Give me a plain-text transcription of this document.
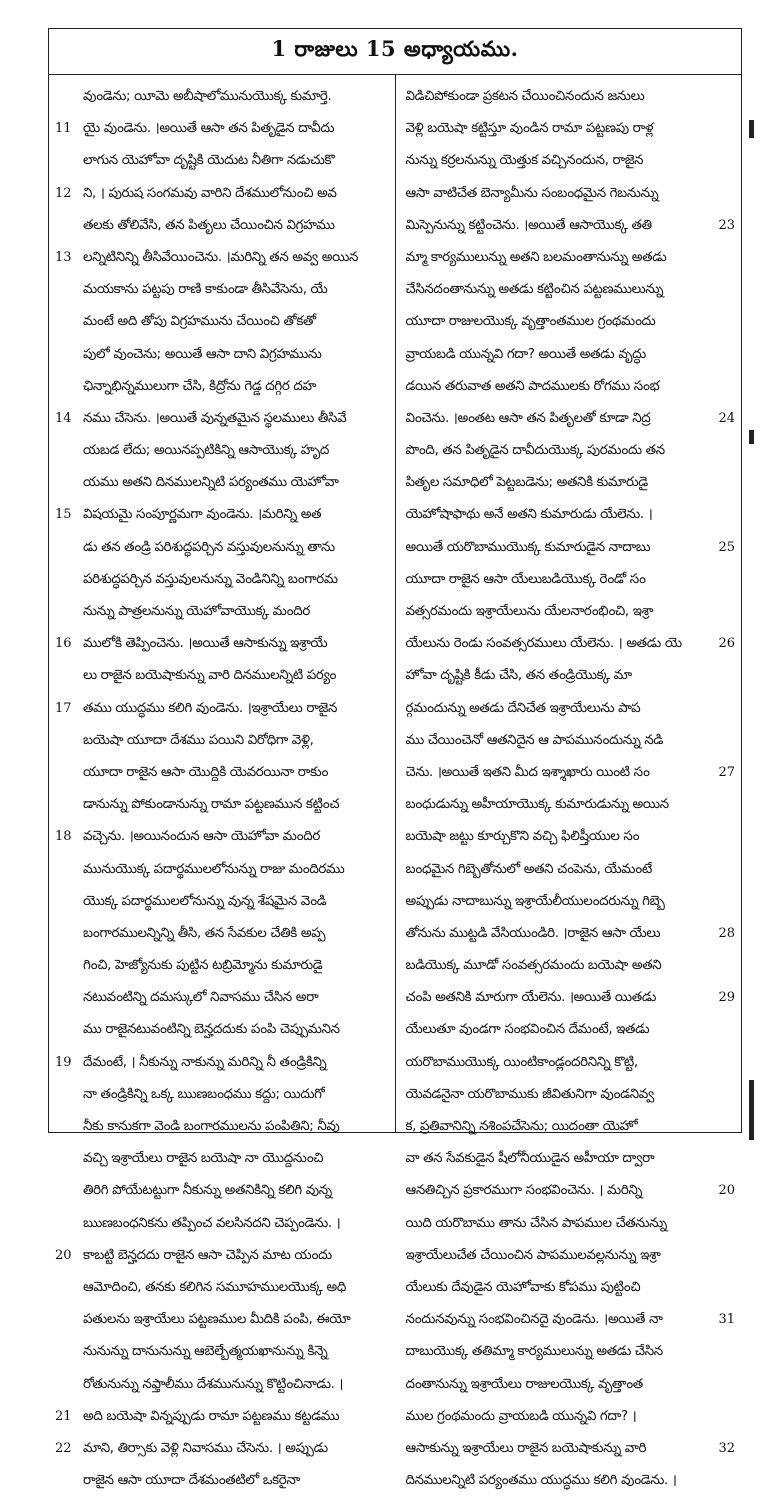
1 రాజులు 15 అధ్యాయము.
వుండెను; యీమె అబీషాలోమునుయొక్క కుమార్తె.
11 యై వుండెను. ।అయితే ఆసా తన పితృడైన దావీదు
లాగున యెహోవా దృష్టికి యెదుట నీతిగా నడుచుకొ
12 ని, । పురుష సంగమవు వారిని దేశములోనుంచి అవ
తలకు తోలివేసి, తన పితృలు చేయించిన విగ్రహము
13 లన్నిటినిన్ని తీసివేయించెను. ।మరిన్ని తన అవ్వ అయిన
మయకాను పట్టపు రాణి కాకుండా తీసివేసెను, యే
మంటే అది తోపు విగ్రహమును చేయించి తోకతో
పులో వుంచెను; అయితే ఆసా దాని విగ్రహమును
ఛిన్నాభిన్నములుగా చేసి, కిద్రోను గెడ్డ దగ్గిర దహ
14 నము చేసెను. ।అయితే వున్నతమైన స్థలములు తీసివే
యబడ లేదు; అయినప్పటికిన్ని ఆసాయొక్క హృద
యము అతని దినములన్నిటి పర్యంతము యెహోవా
15 విషయమై సంపూర్ణమగా వుండెను. ।మరిన్ని అత
డు తన తండ్రి పరిశుద్ధపర్చిన వస్తువులనున్ను తాను
పరిశుద్ధపర్చిన వస్తువులనున్ను వెండినిన్ని బంగారమ
నున్ను పాత్రలనున్ను యెహోవాయొక్క మందిర
16 ములోకి తెప్పించెను. ।అయితే ఆసాకున్ను ఇశ్రాయే
లు రాజైన బయెషాకున్ను వారి దినములన్నిటి పర్యం
17 తము యుద్ధము కలిగి వుండెను. ।ఇశ్రాయేలు రాజైన
బయెషా యూదా దేశము పయిని విరోధిగా వెళ్లి,
యూదా రాజైన ఆసా యొద్దికి యెవరయినా రాకుం
డానున్ను పోకుండానున్ను రామా పట్టణమున కట్టించ
18 వచ్చెను. ।అయినందున ఆసా యెహోవా మందిర
మునుయొక్క పదార్థములలోనున్ను రాజు మందిరము
యొక్క పదార్థములలోనున్ను వున్న శేషమైన వెండి
బంగారములన్నిన్ని తీసి, తన సేవకుల చేతికి అప్ప
గించి, హెజ్యోనుకు పుట్టిన టబ్రిమ్మోను కుమారుడై
నటువంటిన్ని దమస్కులో నివాసము చేసిన అరా
ము రాజైనటువంటిన్ని బెన్హదదుకు పంపి చెప్పుమనిన
19 దేమంటే, । నీకున్ను నాకున్ను మరిన్ని నీ తండ్రికిన్ని
నా తండ్రికిన్ని ఒక్క ఋణబంధము కద్దు; యిదుగో
నీకు కానుకగా వెండి బంగారములను పంపితిని; నీవు
వచ్చి ఇశ్రాయేలు రాజైన బయెషా నా యొద్దనుంచి
తిరిగి పోయేటట్టుగా నీకున్ను అతనికిన్ని కలిగి వున్న
ఋణబంధనికను తప్పించ వలసినదని చెప్పండెను. ।
20 కాబట్టి బెన్హదదు రాజైన ఆసా చెప్పిన మాట యందు
ఆమోదించి, తనకు కలిగిన సమూహములయొక్క అధి
పతులను ఇశ్రాయేలు పట్టణముల మీదికి పంపి, ఈయో
నునున్ను దానునున్ను ఆబెల్బేత్మయఖానున్ను కిన్నె
రోతునున్ను నఫ్తాలీము దేశమునున్ను కొట్టించినాడు. ।
21 అది బయెషా విన్నప్పుడు రామా పట్టణము కట్టడము
22 మాని, తిర్సాకు వెళ్లి నివాసము చేసెను. । అప్పుడు
రాజైన ఆసా యూదా దేశమంతటిలో ఒకరైనా
విడిచిపోకుండా ప్రకటన చేయించినందున జనులు
వెళ్లి బయెషా కట్టిస్తూ వుండిన రామా పట్టణపు రాళ్ల
నున్ను కర్రలనున్ను యెత్తుక వచ్చినందున, రాజైన
ఆసా వాటిచేత బెన్యామీను సంబంధమైన గెబనున్ను
23
మిస్పెనున్ను కట్టించెను. ।అయితే ఆసాయొక్క తతి
మ్మా కార్యములున్ను అతని బలమంతానున్ను అతడు
చేసినదంతానున్ను అతడు కట్టించిన పట్టణములున్ను
యూదా రాజులయొక్క వృత్తాంతముల గ్రంథమందు
వ్రాయబడి యున్నవి గదా? అయితే అతడు వృద్ధు
డయిన తరువాత అతని పాదములకు రోగము సంభ
24
వించెను. ।అంతట ఆసా తన పితృలతో కూడా నిద్ర
పొంది, తన పితృడైన దావీదుయొక్క పురమందు తన
పితృల సమాధిలో పెట్టబడెను; అతనికి కుమారుడై
యెహోషాఫాథు అనే అతని కుమారుడు యేలెను. ।
25
అయితే యరొబాముయొక్క కుమారుడైన నాదాబు
యూదా రాజైన ఆసా యేలుబడియొక్క రెండో సం
వత్సరమందు ఇశ్రాయేలును యేలనారంభించి, ఇశ్రా
26
యేలును రెండు సంవత్సరములు యేలెను. । అతడు యె
హోవా దృష్టికి కీడు చేసి, తన తండ్రియొక్క మా
ర్గమందున్ను అతడు దేనిచేత ఇశ్రాయేలును పాప
ము చేయించెనో ఆతనిదైన ఆ పాపమునందున్ను నడి
27
చెను. ।అయితే ఇతని మీద ఇశ్శాఖారు యింటి సం
బంధుడున్ను అహీయాయొక్క కుమారుడున్ను అయిన
బయెషా జట్టు కూర్చుకొని వచ్చి ఫిలిష్తీయుల సం
బంధమైన గిబ్బెతోనులో అతని చంపెను, యేమంటే
అప్పుడు నాదాబున్ను ఇశ్రాయేలీయులందరున్ను గిబ్బె
28
తోనును ముట్టడి వేసియుండిరి. ।రాజైన ఆసా యేలు
బడియొక్క మూడో సంవత్సరమందు బయెషా అతని
29
చంపి అతనికి మారుగా యేలెను. ।అయితే యితడు
యేలుతూ వుండగా సంభవించిన దేమంటే, ఇతడు
యరొబాముయొక్క యింటికాండ్లందరినిన్ని కొట్టి,
యెవడనైనా యరొబాముకు జీవితునిగా వుండనివ్వ
క, ప్రతివానిన్ని నశింపచేసెను; యిదంతా యెహో
వా తన సేవకుడైన షీలోనీయుడైన అహీయా ద్వారా
20
ఆనతిచ్చిన ప్రకారముగా సంభవించెను. । మరిన్ని
యిది యరొబాము తాను చేసిన పాపముల చేతనున్ను
ఇశ్రాయేలుచేత చేయించిన పాపములవల్లనున్ను ఇశ్రా
యేలుకు దేవుడైన యెహోవాకు కోపము పుట్టించి
31
నందునవున్ను సంభవించినదై వుండెను. ।అయితే నా
దాబుయొక్క తతిమ్మా కార్యములున్ను అతడు చేసిన
దంతానున్ను ఇశ్రాయేలు రాజులయొక్క వృత్తాంత
ముల గ్రంథమందు వ్రాయబడి యున్నవి గదా? ।
32
ఆసాకున్ను ఇశ్రాయేలు రాజైన బయెషాకున్ను వారి
దినములన్నిటి పర్యంతము యుద్ధము కలిగి వుండెను. ।
